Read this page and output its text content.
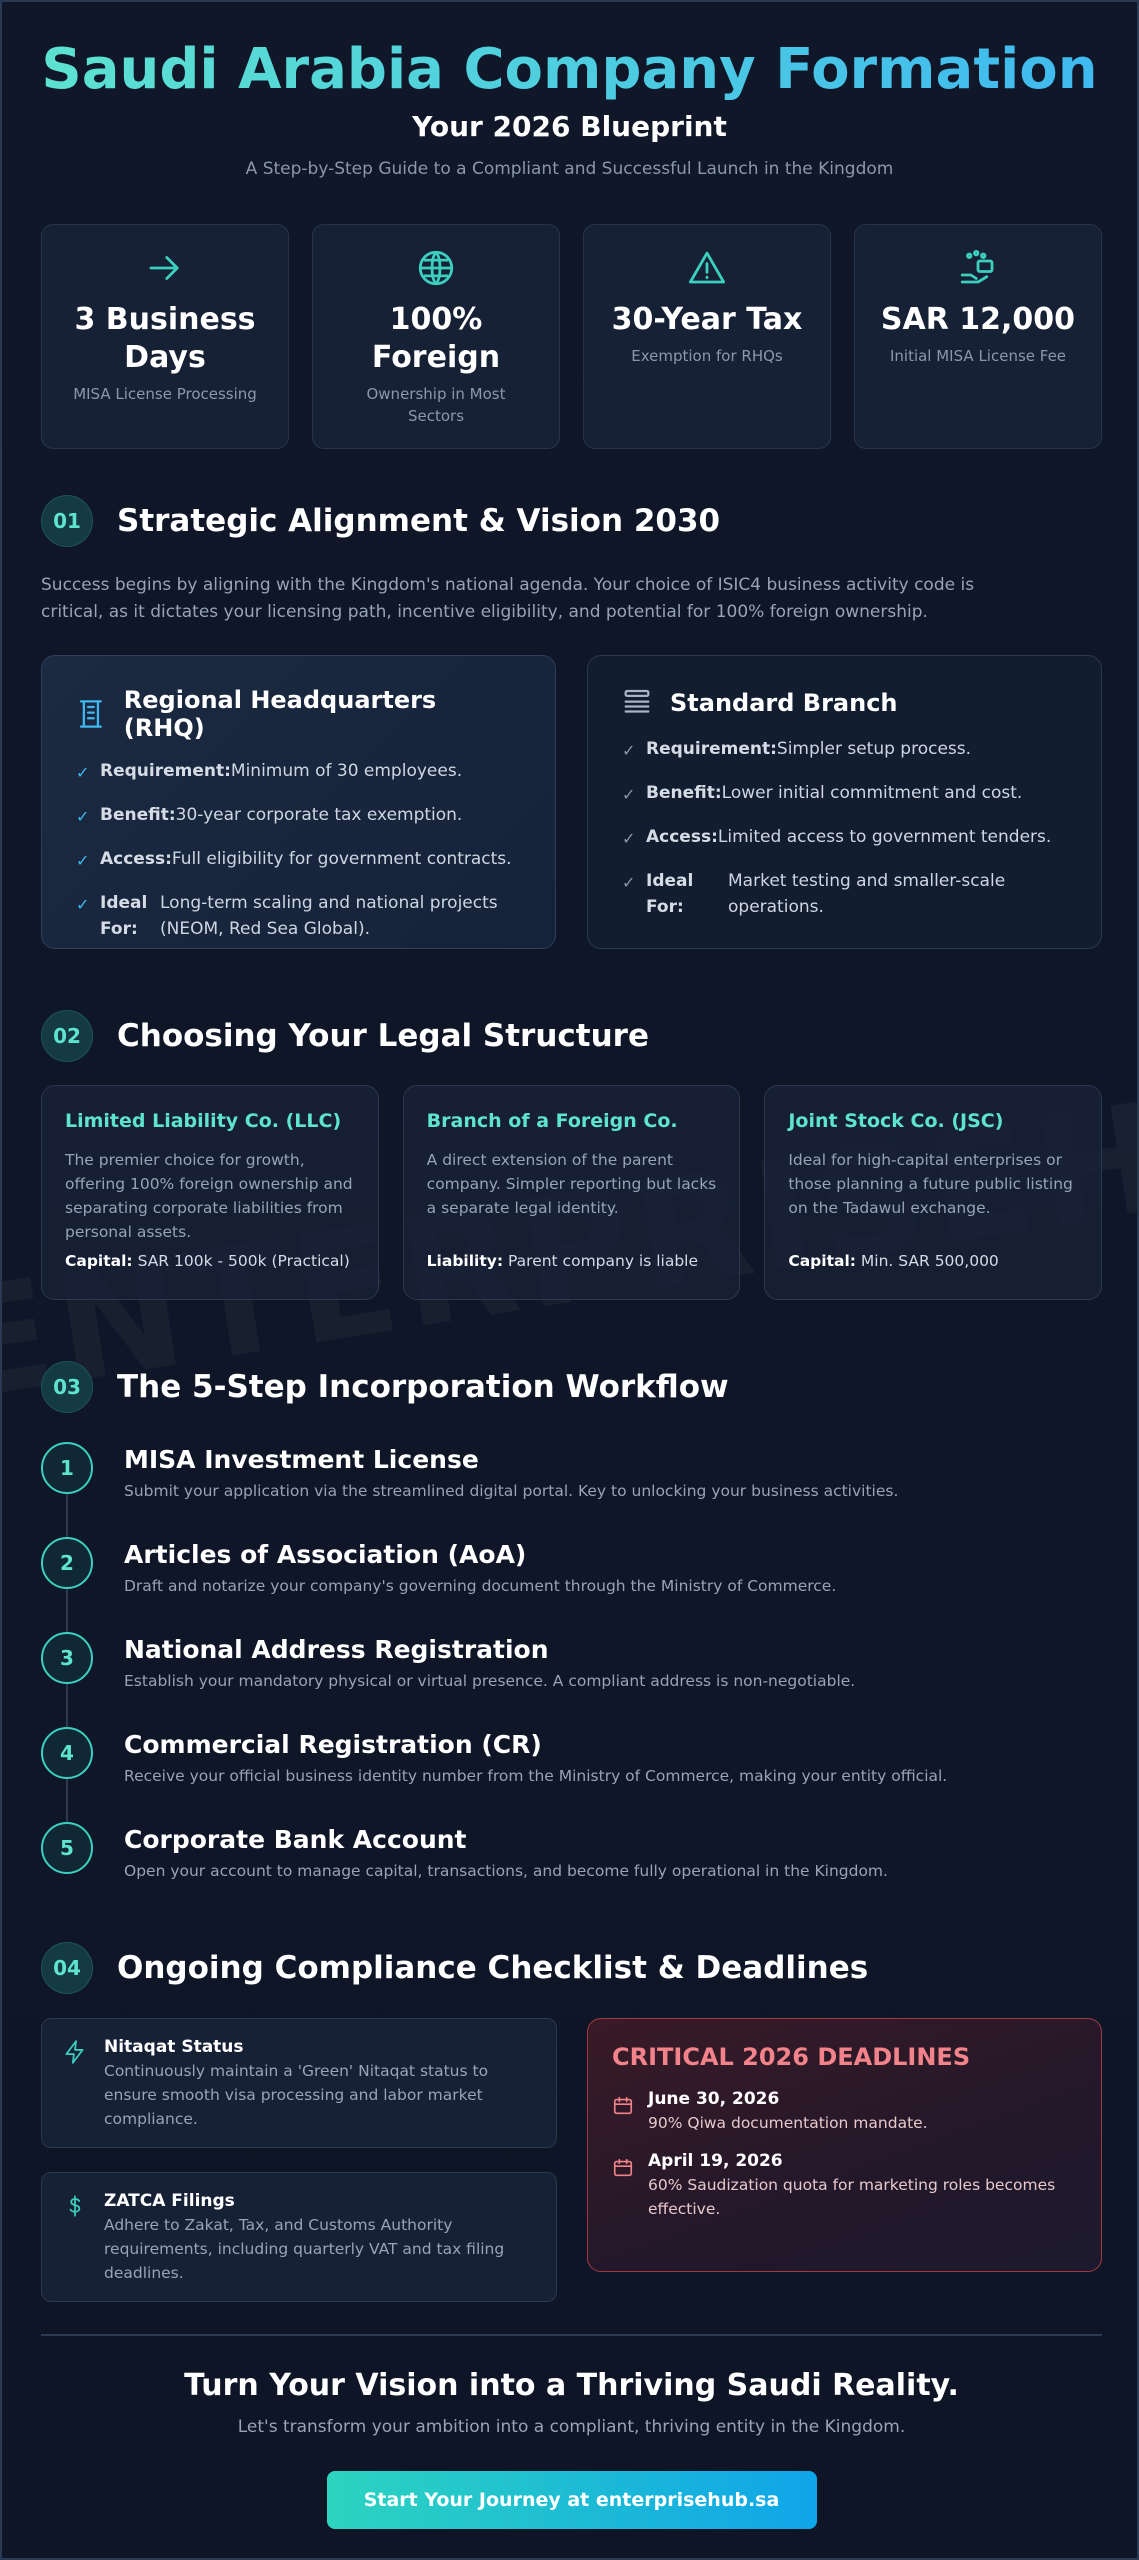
Saudi Arabia Company Formation
Your 2026 Blueprint
A Step-by-Step Guide to a Compliant and Successful Launch in the Kingdom
3 Business Days
MISA License Processing
100% Foreign
Ownership in Most Sectors
30-Year Tax
Exemption for RHQs
SAR 12,000
Initial MISA License Fee
01	Strategic Alignment & Vision 2030
Success begins by aligning with the Kingdom's national agenda. Your choice of ISIC4 business activity code is critical, as it dictates your licensing path, incentive eligibility, and potential for 100% foreign ownership.
Regional Headquarters (RHQ)
✓ Requirement: Minimum of 30 employees.
✓ Benefit: 30-year corporate tax exemption.
✓ Access: Full eligibility for government contracts.
✓ Ideal For:
Long-term scaling and national projects (NEOM, Red Sea Global).
Standard Branch
✓ Requirement: Simpler setup process.
✓ Benefit: Lower initial commitment and cost.
✓ Access: Limited access to government tenders.
✓ Ideal For:
Market testing and smaller-scale operations.
02	Choosing Your Legal Structure
Limited Liability Co. (LLC)
The premier choice for growth, offering 100% foreign ownership and separating corporate liabilities from personal assets.
Capital: SAR 100k - 500k (Practical)
Branch of a Foreign Co.
A direct extension of the parent company. Simpler reporting but lacks a separate legal identity.
Liability: Parent company is liable
Joint Stock Co. (JSC)
Ideal for high-capital enterprises or those planning a future public listing on the Tadawul exchange.
Capital: Min. SAR 500,000
03	The 5-Step Incorporation Workflow
1	MISA Investment License
Submit your application via the streamlined digital portal. Key to unlocking your business activities.
2	Articles of Association (AoA)
Draft and notarize your company's governing document through the Ministry of Commerce.
3	National Address Registration
Establish your mandatory physical or virtual presence. A compliant address is non-negotiable.
4	Commercial Registration (CR)
Receive your official business identity number from the Ministry of Commerce, making your entity official.
5	Corporate Bank Account
Open your account to manage capital, transactions, and become fully operational in the Kingdom.
04	Ongoing Compliance Checklist & Deadlines
Nitaqat Status
Continuously maintain a 'Green' Nitaqat status to ensure smooth visa processing and labor market compliance.
ZATCA Filings
Adhere to Zakat, Tax, and Customs Authority requirements, including quarterly VAT and tax filing deadlines.
CRITICAL 2026 DEADLINES
June 30, 2026
90% Qiwa documentation mandate.
April 19, 2026
60% Saudization quota for marketing roles becomes effective.
Turn Your Vision into a Thriving Saudi Reality.
Let's transform your ambition into a compliant, thriving entity in the Kingdom.
Start Your Journey at enterprisehub.sa
